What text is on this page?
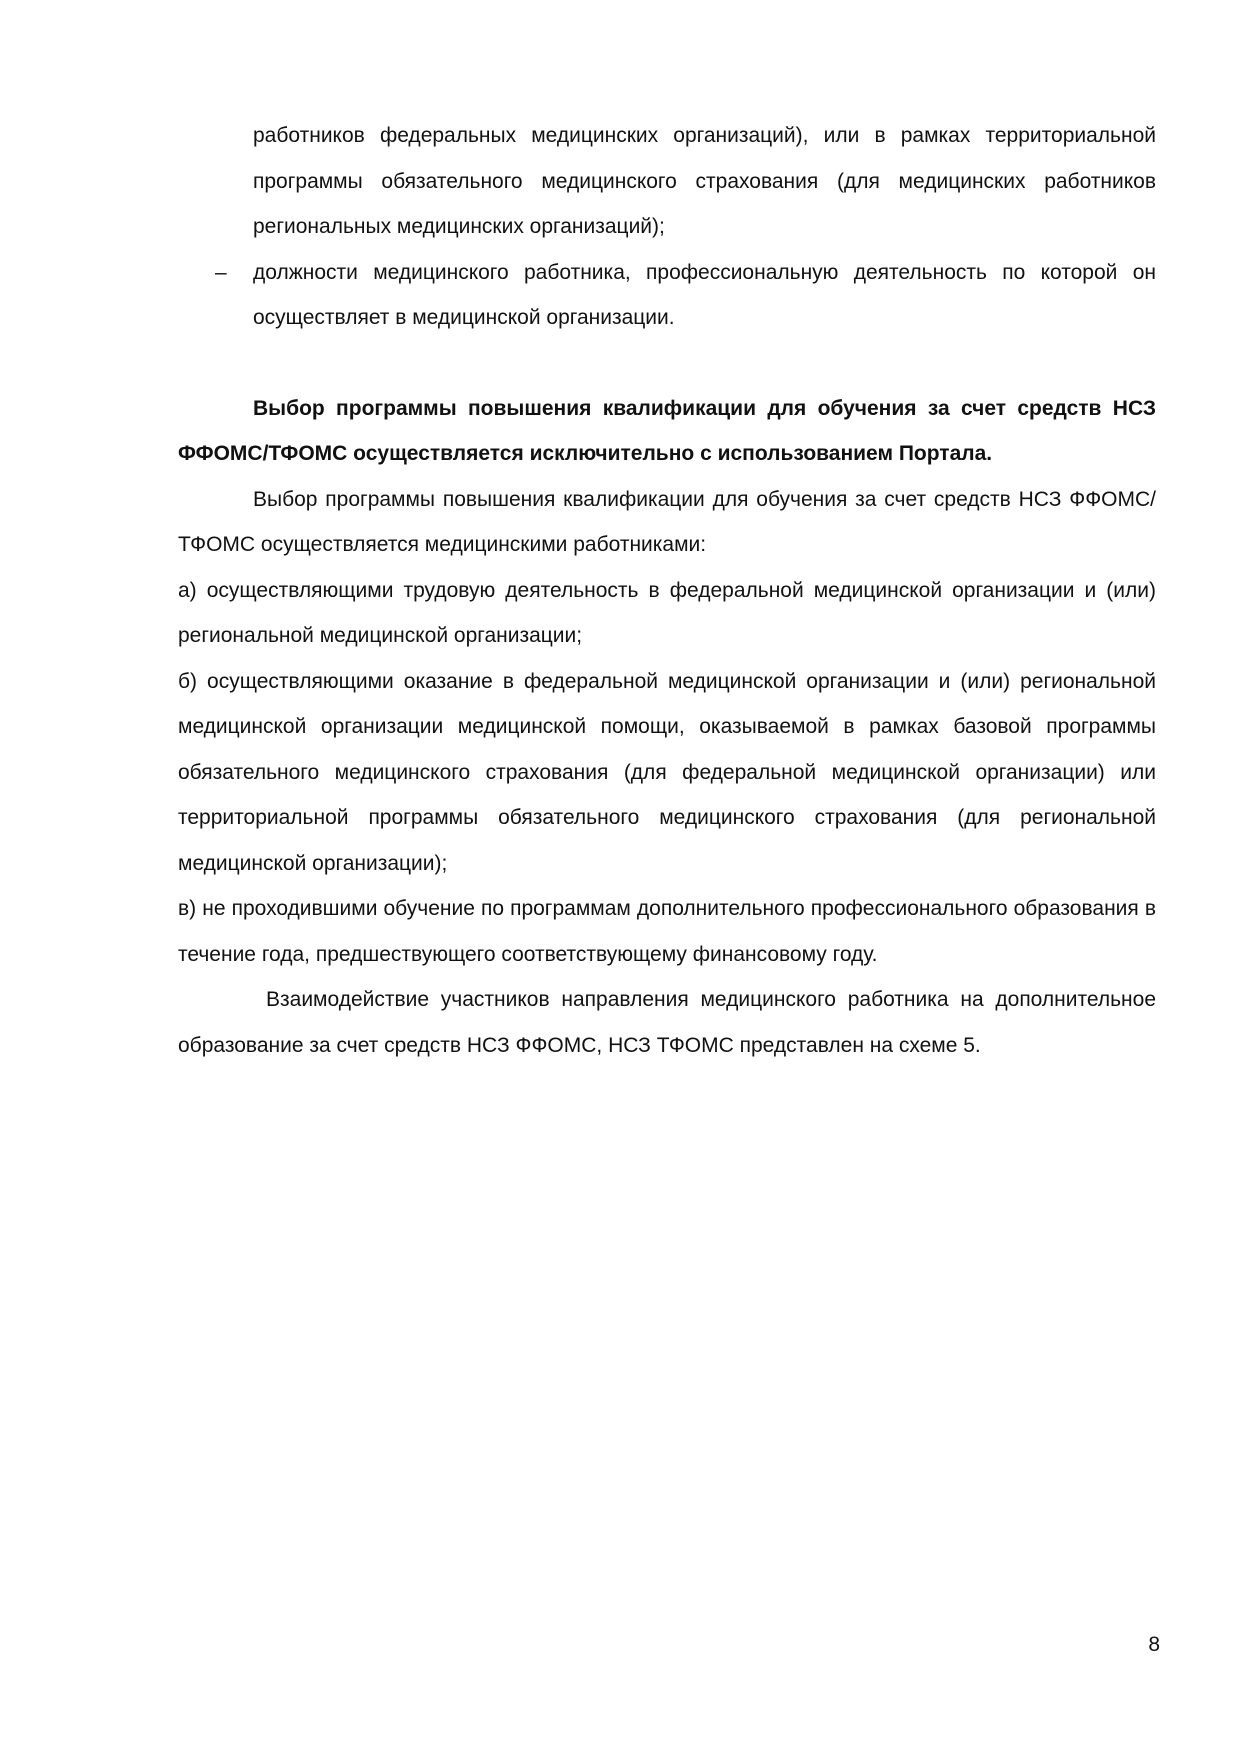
работников федеральных медицинских организаций), или в рамках территориальной программы обязательного медицинского страхования (для медицинских работников региональных медицинских организаций);

– должности медицинского работника, профессиональную деятельность по которой он осуществляет в медицинской организации.

Выбор программы повышения квалификации для обучения за счет средств НСЗ ФФОМС/ТФОМС осуществляется исключительно с использованием Портала.

Выбор программы повышения квалификации для обучения за счет средств НСЗ ФФОМС/ТФОМС осуществляется медицинскими работниками:

а) осуществляющими трудовую деятельность в федеральной медицинской организации и (или) региональной медицинской организации;

б) осуществляющими оказание в федеральной медицинской организации и (или) региональной медицинской организации медицинской помощи, оказываемой в рамках базовой программы обязательного медицинского страхования (для федеральной медицинской организации) или территориальной программы обязательного медицинского страхования (для региональной медицинской организации);

в) не проходившими обучение по программам дополнительного профессионального образования в течение года, предшествующего соответствующему финансовому году.

Взаимодействие участников направления медицинского работника на дополнительное образование за счет средств НСЗ ФФОМС, НСЗ ТФОМС представлен на схеме 5.

8
